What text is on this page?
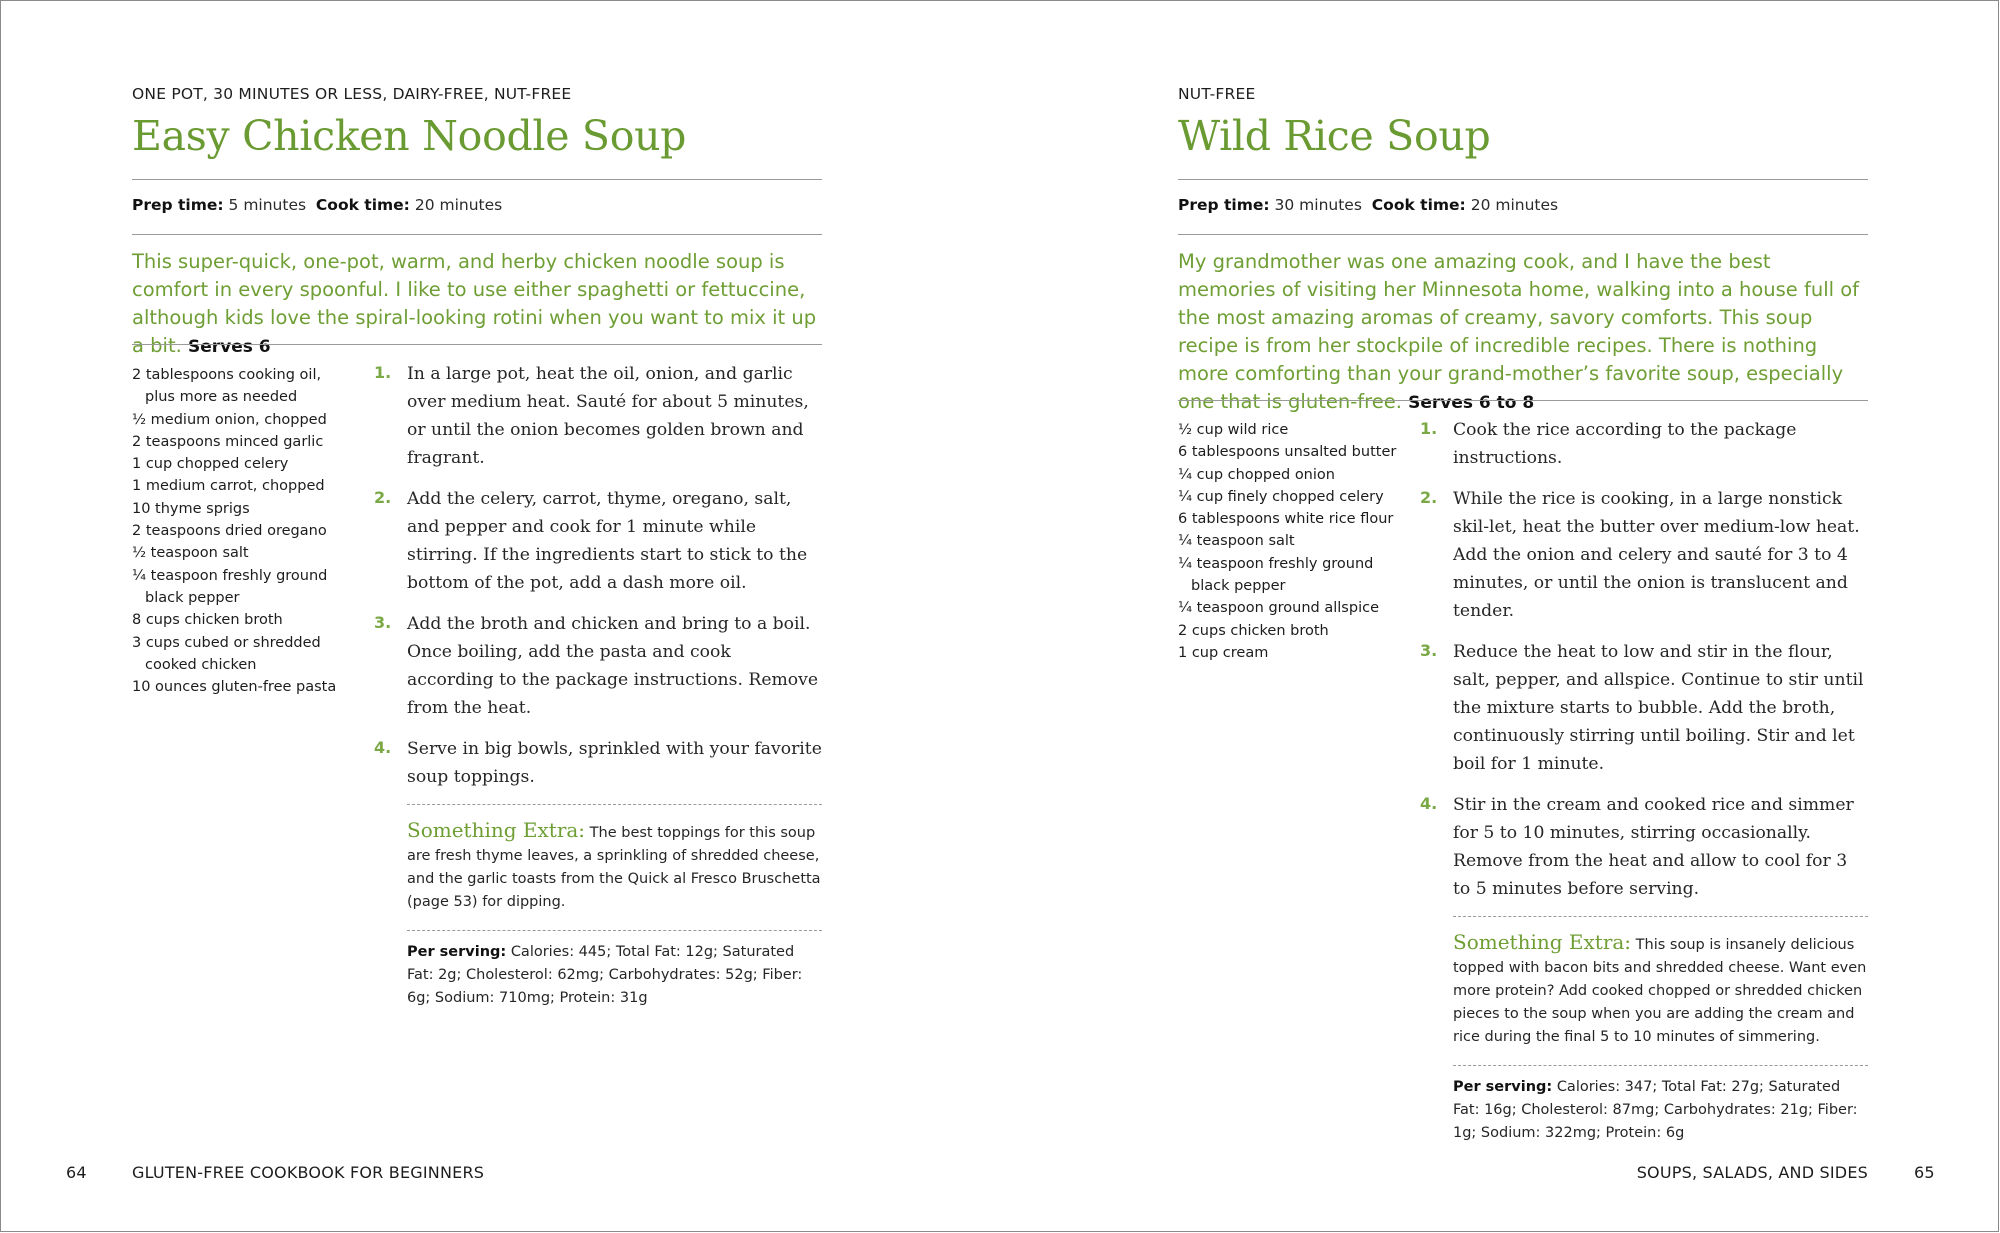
ONE POT, 30 MINUTES OR LESS, DAIRY-FREE, NUT-FREE
Easy Chicken Noodle Soup
Prep time: 5 minutes Cook time: 20 minutes
This super-quick, one-pot, warm, and herby chicken noodle soup is comfort in every spoonful. I like to use either spaghetti or fettuccine, although kids love the spiral-looking rotini when you want to mix it up a bit. Serves 6
2 tablespoons cooking oil, plus more as needed
½ medium onion, chopped
2 teaspoons minced garlic
1 cup chopped celery
1 medium carrot, chopped
10 thyme sprigs
2 teaspoons dried oregano
½ teaspoon salt
¼ teaspoon freshly ground black pepper
8 cups chicken broth
3 cups cubed or shredded cooked chicken
10 ounces gluten-free pasta
1. In a large pot, heat the oil, onion, and garlic over medium heat. Sauté for about 5 minutes, or until the onion becomes golden brown and fragrant.
2. Add the celery, carrot, thyme, oregano, salt, and pepper and cook for 1 minute while stirring. If the ingredients start to stick to the bottom of the pot, add a dash more oil.
3. Add the broth and chicken and bring to a boil. Once boiling, add the pasta and cook according to the package instructions. Remove from the heat.
4. Serve in big bowls, sprinkled with your favorite soup toppings.
Something Extra: The best toppings for this soup are fresh thyme leaves, a sprinkling of shredded cheese, and the garlic toasts from the Quick al Fresco Bruschetta (page 53) for dipping.
Per serving: Calories: 445; Total Fat: 12g; Saturated Fat: 2g; Cholesterol: 62mg; Carbohydrates: 52g; Fiber: 6g; Sodium: 710mg; Protein: 31g
NUT-FREE
Wild Rice Soup
Prep time: 30 minutes Cook time: 20 minutes
My grandmother was one amazing cook, and I have the best memories of visiting her Minnesota home, walking into a house full of the most amazing aromas of creamy, savory comforts. This soup recipe is from her stockpile of incredible recipes. There is nothing more comforting than your grand-mother’s favorite soup, especially one that is gluten-free. Serves 6 to 8
½ cup wild rice
6 tablespoons unsalted butter
¼ cup chopped onion
¼ cup finely chopped celery
6 tablespoons white rice flour
¼ teaspoon salt
¼ teaspoon freshly ground black pepper
¼ teaspoon ground allspice
2 cups chicken broth
1 cup cream
1. Cook the rice according to the package instructions.
2. While the rice is cooking, in a large nonstick skil-let, heat the butter over medium-low heat. Add the onion and celery and sauté for 3 to 4 minutes, or until the onion is translucent and tender.
3. Reduce the heat to low and stir in the flour, salt, pepper, and allspice. Continue to stir until the mixture starts to bubble. Add the broth, continuously stirring until boiling. Stir and let boil for 1 minute.
4. Stir in the cream and cooked rice and simmer for 5 to 10 minutes, stirring occasionally. Remove from the heat and allow to cool for 3 to 5 minutes before serving.
Something Extra: This soup is insanely delicious topped with bacon bits and shredded cheese. Want even more protein? Add cooked chopped or shredded chicken pieces to the soup when you are adding the cream and rice during the final 5 to 10 minutes of simmering.
Per serving: Calories: 347; Total Fat: 27g; Saturated Fat: 16g; Cholesterol: 87mg; Carbohydrates: 21g; Fiber: 1g; Sodium: 322mg; Protein: 6g
64	GLUTEN-FREE COOKBOOK FOR BEGINNERS	SOUPS, SALADS, AND SIDES	65
